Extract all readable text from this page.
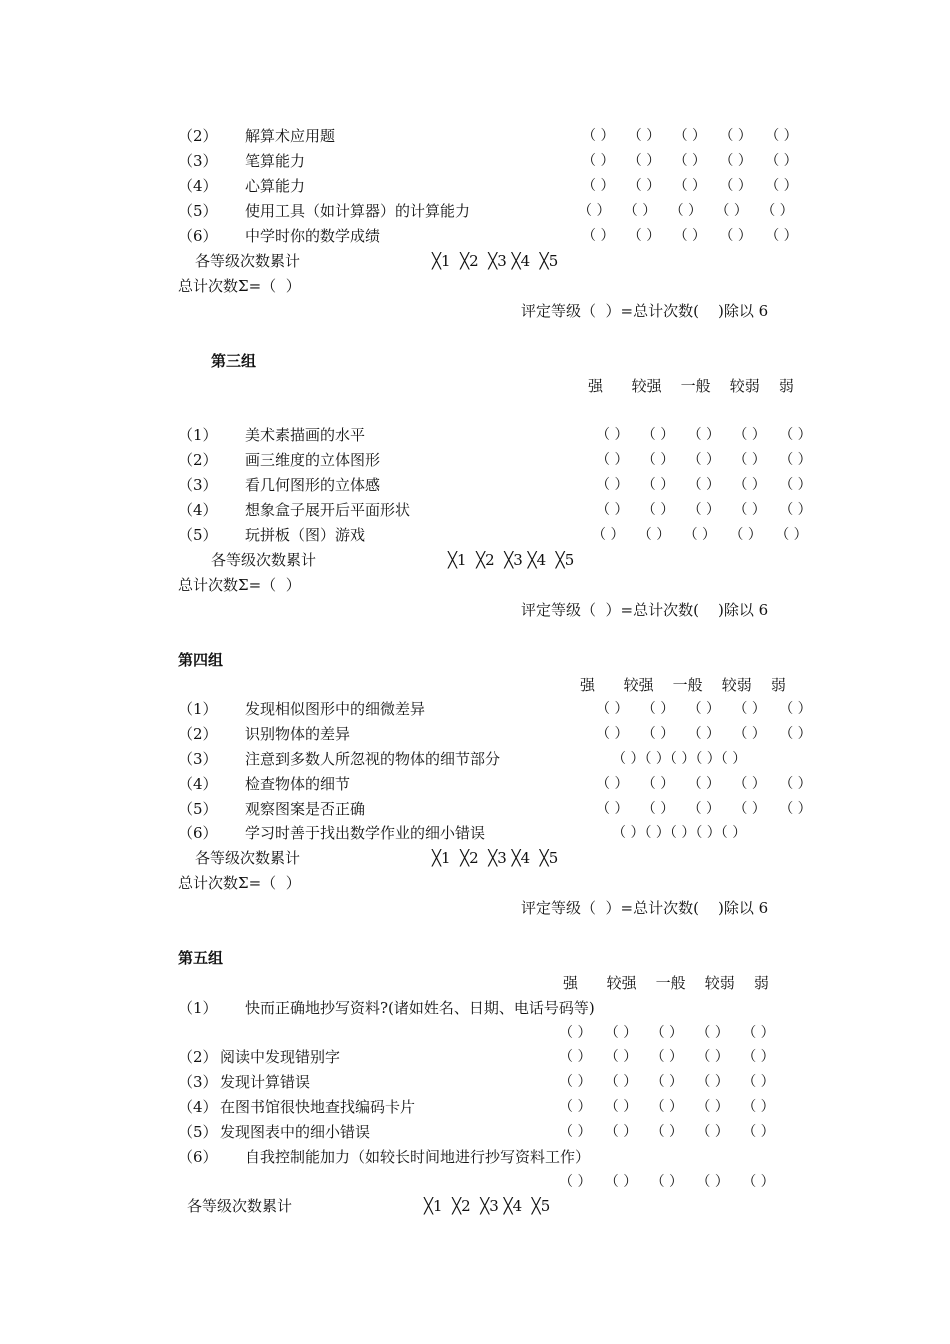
（2） 解算术应用题	（ ）   （ ）   （ ）   （ ）   （ ）
（3） 笔算能力	（ ）   （ ）   （ ）   （ ）   （ ）
（4） 心算能力	（ ）   （ ）   （ ）   （ ）   （ ）
（5） 使用工具（如计算器）的计算能力	（ ）   （ ）   （ ）   （ ）   （ ）
（6） 中学时你的数学成绩	（ ）   （ ）   （ ）   （ ）   （ ）
各等级次数累计	╳1  ╳2  ╳3 ╳4  ╳5
总计次数Σ=（  ）
评定等级（  ）=总计次数(    )除以 6
第三组
强      较强    一般    较弱    弱
（1） 美术素描画的水平	（ ）   （ ）   （ ）   （ ）   （ ）
（2） 画三维度的立体图形	（ ）   （ ）   （ ）   （ ）   （ ）
（3） 看几何图形的立体感	（ ）   （ ）   （ ）   （ ）   （ ）
（4） 想象盒子展开后平面形状	（ ）   （ ）   （ ）   （ ）   （ ）
（5） 玩拼板（图）游戏	（ ）   （ ）   （ ）   （ ）   （ ）
各等级次数累计	╳1  ╳2  ╳3 ╳4  ╳5
总计次数Σ=（  ）
评定等级（  ）=总计次数(    )除以 6
第四组
强      较强    一般    较弱    弱
（1） 发现相似图形中的细微差异	（ ）   （ ）   （ ）   （ ）   （ ）
（2） 识别物体的差异	（ ）   （ ）   （ ）   （ ）   （ ）
（3） 注意到多数人所忽视的物体的细节部分	（ ）（ ）（ ）（ ）（ ）
（4） 检查物体的细节	（ ）   （ ）   （ ）   （ ）   （ ）
（5） 观察图案是否正确	（ ）   （ ）   （ ）   （ ）   （ ）
（6） 学习时善于找出数学作业的细小错误	（ ）（ ）（ ）（ ）（ ）
各等级次数累计	╳1  ╳2  ╳3 ╳4  ╳5
总计次数Σ=（  ）
评定等级（  ）=总计次数(    )除以 6
第五组
强      较强    一般    较弱    弱
（1） 快而正确地抄写资料?(诸如姓名、日期、电话号码等)
（ ）   （ ）   （ ）   （ ）   （ ）
（2） 阅读中发现错别字	（ ）   （ ）   （ ）   （ ）   （ ）
（3） 发现计算错误	（ ）   （ ）   （ ）   （ ）   （ ）
（4） 在图书馆很快地查找编码卡片	（ ）   （ ）   （ ）   （ ）   （ ）
（5） 发现图表中的细小错误	（ ）   （ ）   （ ）   （ ）   （ ）
（6） 自我控制能加力（如较长时间地进行抄写资料工作）
（ ）   （ ）   （ ）   （ ）   （ ）
各等级次数累计	╳1  ╳2  ╳3 ╳4  ╳5
